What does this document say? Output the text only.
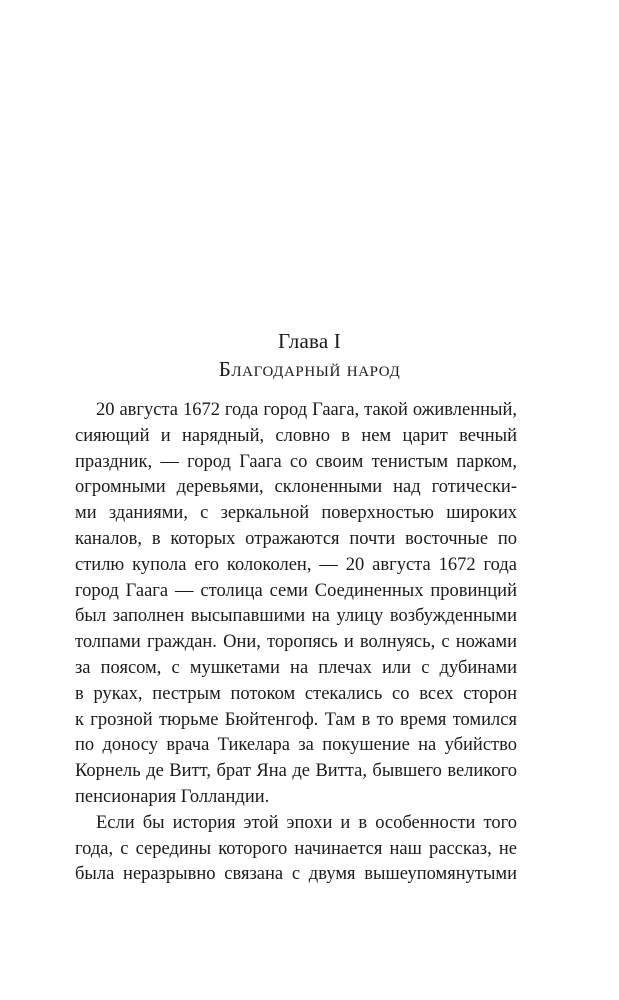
Глава I
Благодарный народ
20 августа 1672 года город Гаага, такой оживленный,
сияющий и нарядный, словно в нем царит вечный
праздник, — город Гаага со своим тенистым парком,
огромными деревьями, склоненными над готически-
ми зданиями, с зеркальной поверхностью широких
каналов, в которых отражаются почти восточные по
стилю купола его колоколен, — 20 августа 1672 года
город Гаага — столица семи Соединенных провинций
был заполнен высыпавшими на улицу возбужденными
толпами граждан. Они, торопясь и волнуясь, с ножами
за поясом, с мушкетами на плечах или с дубинами
в руках, пестрым потоком стекались со всех сторон
к грозной тюрьме Бюйтенгоф. Там в то время томился
по доносу врача Тикелара за покушение на убийство
Корнель де Витт, брат Яна де Витта, бывшего великого
пенсионария Голландии.
Если бы история этой эпохи и в особенности того
года, с середины которого начинается наш рассказ, не
была неразрывно связана с двумя вышеупомянутыми
